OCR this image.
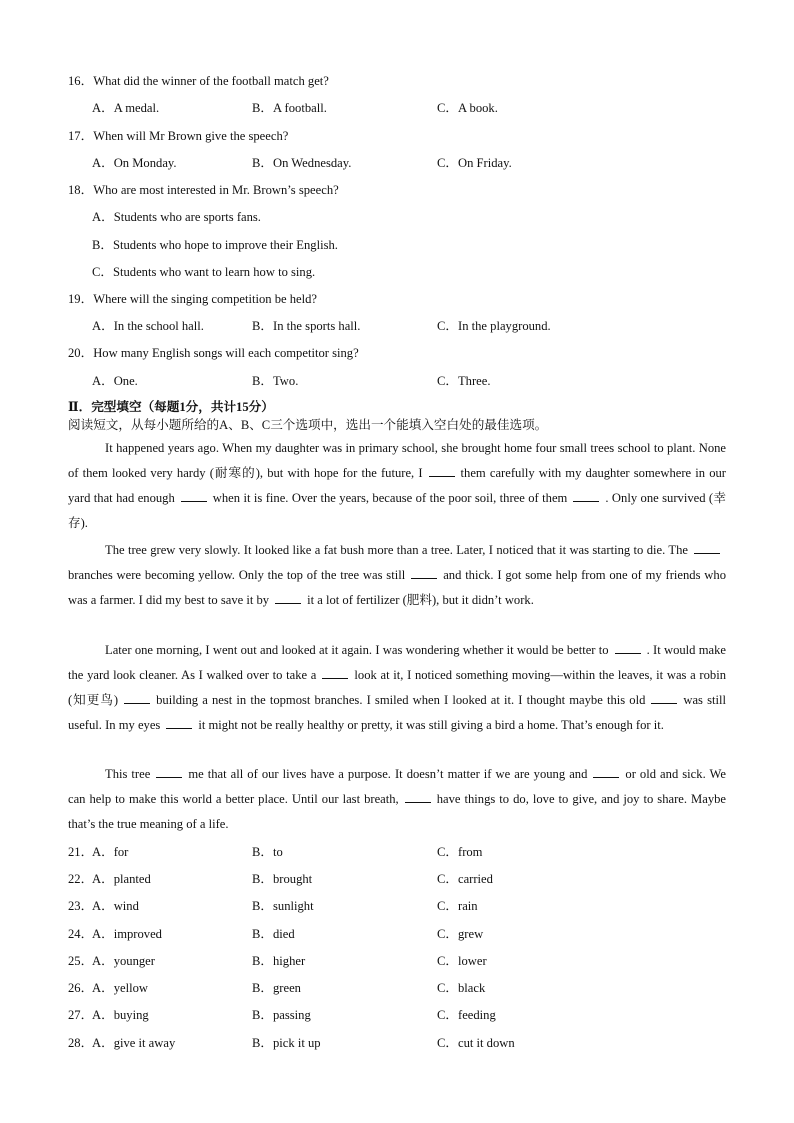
16．What did the winner of the football match get?
A．A medal.	B．A football.	C．A book.
17．When will Mr Brown give the speech?
A．On Monday.	B．On Wednesday.	C．On Friday.
18．Who are most interested in Mr. Brown’s speech?
A．Students who are sports fans.
B．Students who hope to improve their English.
C．Students who want to learn how to sing.
19．Where will the singing competition be held?
A．In the school hall.	B．In the sports hall.	C．In the playground.
20．How many English songs will each competitor sing?
A．One.	B．Two.	C．Three.
Ⅱ．完型填空（每题1分，共计15分）
阅读短文，从每小题所给的A、B、C三个选项中，选出一个能填入空白处的最佳选项。

It happened years ago. When my daughter was in primary school, she brought home four small trees school to plant. None of them looked very hardy (耐寒的), but with hope for the future, I	them carefully with my daughter somewhere in our yard that had enough	when it is fine. Over the years, because of the poor soil, three of them	. Only one survived (幸存).

The tree grew very slowly. It looked like a fat bush more than a tree. Later, I noticed that it was starting to die. Thebranches were becoming yellow. Only the top of the tree was still	and thick. I got some help from one of my friends who was a farmer. I did my best to save it by	it a lot of fertilizer (肥料), but it didn’t work.

Later one morning, I went out and looked at it again. I was wondering whether it would be better to	. It would make the yard look cleaner. As I walked over to take a	look at it, I noticed something moving—within the leaves, it was a robin (知更鸟)	building a nest in the topmost branches. I smiled when I looked at it. I thought maybe this old	was still useful. In my eyes	it might not be really healthy or pretty, it was still giving a bird a home. That’s enough for it.

This tree	me that all of our lives have a purpose. It doesn’t matter if we are young and	or old and sick. We can help to make this world a better place. Until our last breath,	have things to do, love to give, and joy to share. Maybe that’s the true meaning of a life.

21．
A．for	B．to	C．from
22．
A．planted	B．brought	C．carried
23．
A．wind	B．sunlight	C．rain
24．
A．improved	B．died	C．grew
25．
A．younger	B．higher	C．lower
26．
A．yellow	B．green	C．black
27．
A．buying	B．passing	C．feeding
28．
A．give it away	B．pick it up	C．cut it down
